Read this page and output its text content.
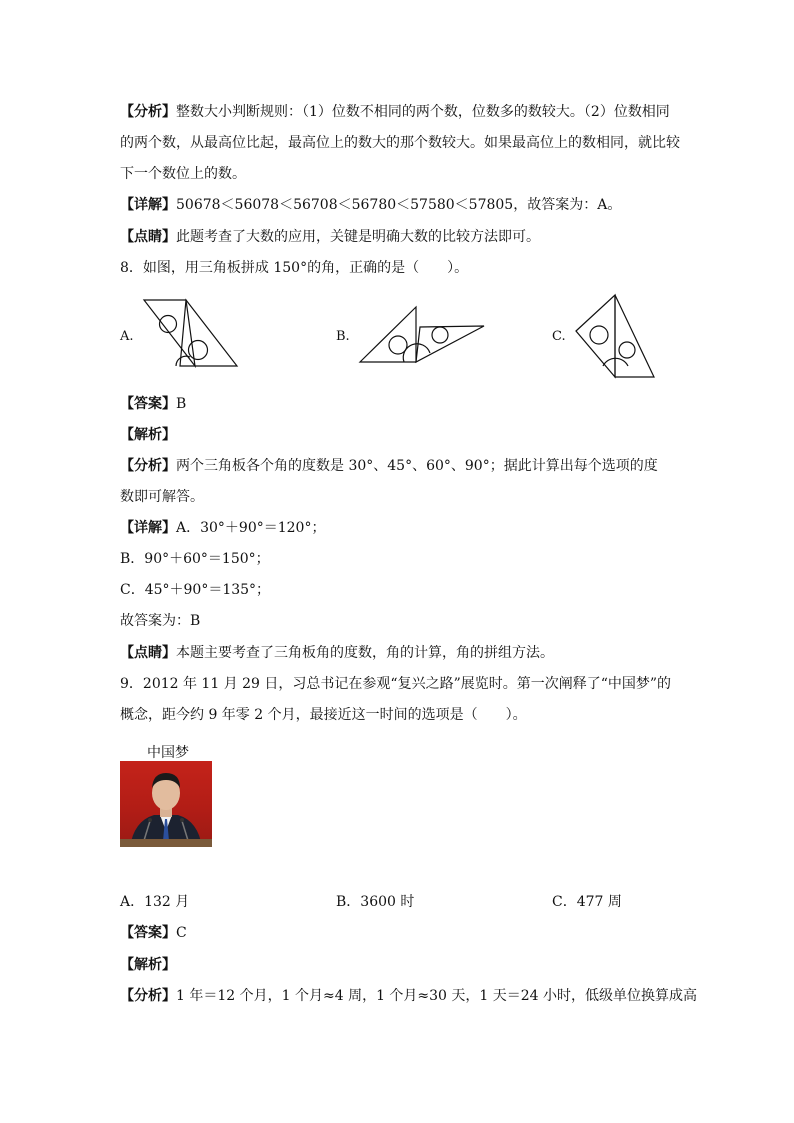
【分析】整数大小判断规则：（1）位数不相同的两个数，位数多的数较大。（2）位数相同
的两个数，从最高位比起，最高位上的数大的那个数较大。如果最高位上的数相同，就比较
下一个数位上的数。
【详解】50678＜56078＜56708＜56780＜57580＜57805，故答案为：A。
【点睛】此题考查了大数的应用，关键是明确大数的比较方法即可。
8．如图，用三角板拼成 150°的角，正确的是（　　）。
A.	B.	C.
【答案】B
【解析】
【分析】两个三角板各个角的度数是 30°、45°、60°、90°；据此计算出每个选项的度
数即可解答。
【详解】A．30°＋90°＝120°；
B．90°＋60°＝150°；
C．45°＋90°＝135°；
故答案为：B
【点睛】本题主要考查了三角板角的度数，角的计算，角的拼组方法。
9．2012 年 11 月 29 日，习总书记在参观“复兴之路”展览时。第一次阐释了“中国梦”的
概念，距今约 9 年零 2 个月，最接近这一时间的选项是（　　）。
中国梦
A．132 月	B．3600 时	C．477 周
【答案】C
【解析】
【分析】1 年＝12 个月，1 个月≈4 周，1 个月≈30 天，1 天＝24 小时，低级单位换算成高
